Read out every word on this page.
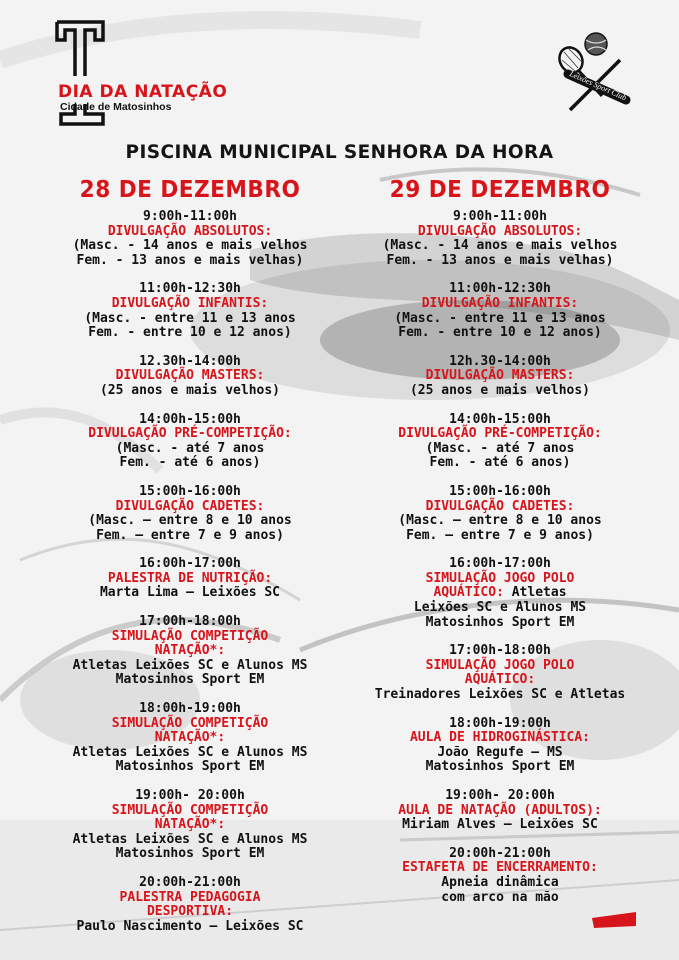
DIA DA NATAÇÃO
Cidade de Matosinhos
Leixões Sport Club
PISCINA MUNICIPAL SENHORA DA HORA
28 DE DEZEMBRO
9:00h-11:00h
DIVULGAÇÃO ABSOLUTOS:
(Masc. - 14 anos e mais velhos
Fem. - 13 anos e mais velhas)
11:00h-12:30h
DIVULGAÇÃO INFANTIS:
(Masc. - entre 11 e 13 anos
Fem. - entre 10 e 12 anos)
12.30h-14:00h
DIVULGAÇÃO MASTERS:
(25 anos e mais velhos)
14:00h-15:00h
DIVULGAÇÃO PRÉ-COMPETIÇÃO:
(Masc. - até 7 anos
Fem. - até 6 anos)
15:00h-16:00h
DIVULGAÇÃO CADETES:
(Masc. – entre 8 e 10 anos
Fem. – entre 7 e 9 anos)
16:00h-17:00h
PALESTRA DE NUTRIÇÃO:
Marta Lima – Leixões SC
17:00h-18:00h
SIMULAÇÃO COMPETIÇÃO
NATAÇÃO*:
Atletas Leixões SC e Alunos MS
Matosinhos Sport EM
18:00h-19:00h
SIMULAÇÃO COMPETIÇÃO
NATAÇÃO*:
Atletas Leixões SC e Alunos MS
Matosinhos Sport EM
19:00h- 20:00h
SIMULAÇÃO COMPETIÇÃO
NATAÇÃO*:
Atletas Leixões SC e Alunos MS
Matosinhos Sport EM
20:00h-21:00h
PALESTRA PEDAGOGIA
DESPORTIVA:
Paulo Nascimento – Leixões SC
29 DE DEZEMBRO
9:00h-11:00h
DIVULGAÇÃO ABSOLUTOS:
(Masc. - 14 anos e mais velhos
Fem. - 13 anos e mais velhas)
11:00h-12:30h
DIVULGAÇÃO INFANTIS:
(Masc. - entre 11 e 13 anos
Fem. - entre 10 e 12 anos)
12h.30-14:00h
DIVULGAÇÃO MASTERS:
(25 anos e mais velhos)
14:00h-15:00h
DIVULGAÇÃO PRÉ-COMPETIÇÃO:
(Masc. - até 7 anos
Fem. - até 6 anos)
15:00h-16:00h
DIVULGAÇÃO CADETES:
(Masc. – entre 8 e 10 anos
Fem. – entre 7 e 9 anos)
16:00h-17:00h
SIMULAÇÃO JOGO POLO
AQUÁTICO: Atletas
Leixões SC e Alunos MS
Matosinhos Sport EM
17:00h-18:00h
SIMULAÇÃO JOGO POLO
AQUÁTICO:
Treinadores Leixões SC e Atletas
18:00h-19:00h
AULA DE HIDROGINÁSTICA:
João Regufe – MS
Matosinhos Sport EM
19:00h- 20:00h
AULA DE NATAÇÃO (ADULTOS):
Miriam Alves – Leixões SC
20:00h-21:00h
ESTAFETA DE ENCERRAMENTO:
Apneia dinâmica
com arco na mão
